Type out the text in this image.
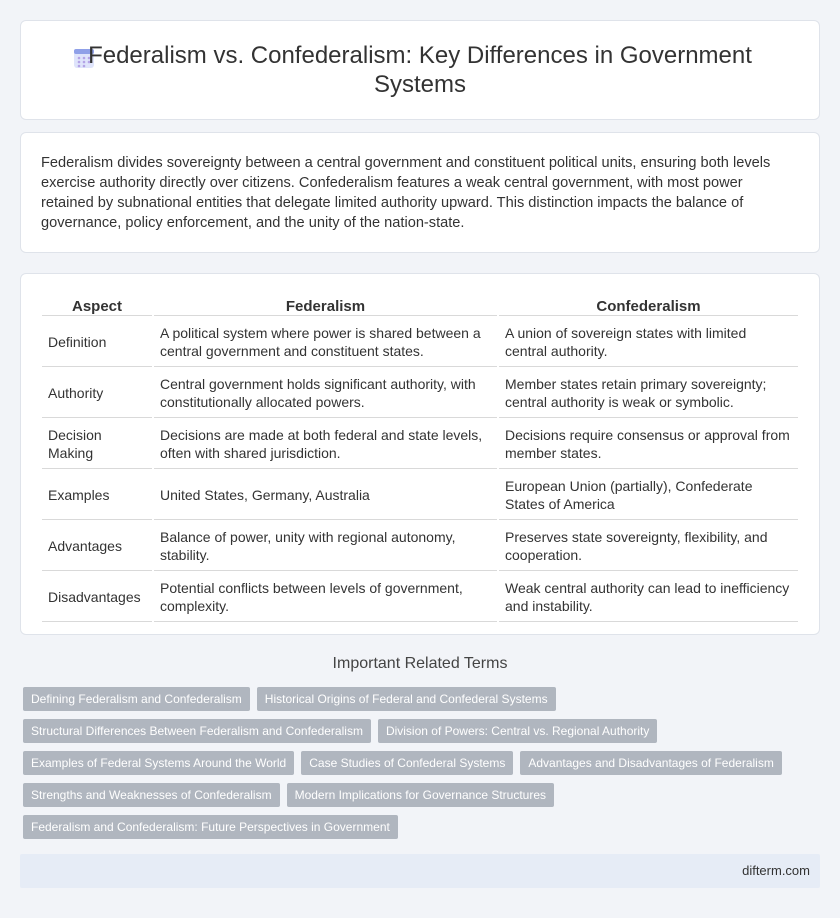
Federalism vs. Confederalism: Key Differences in Government Systems

Federalism divides sovereignty between a central government and constituent political units, ensuring both levels exercise authority directly over citizens. Confederalism features a weak central government, with most power retained by subnational entities that delegate limited authority upward. This distinction impacts the balance of governance, policy enforcement, and the unity of the nation-state.

Aspect	Federalism	Confederalism
Definition	A political system where power is shared between a central government and constituent states.	A union of sovereign states with limited central authority.
Authority	Central government holds significant authority, with constitutionally allocated powers.	Member states retain primary sovereignty; central authority is weak or symbolic.
Decision Making	Decisions are made at both federal and state levels, often with shared jurisdiction.	Decisions require consensus or approval from member states.
Examples	United States, Germany, Australia	European Union (partially), Confederate States of America
Advantages	Balance of power, unity with regional autonomy, stability.	Preserves state sovereignty, flexibility, and cooperation.
Disadvantages	Potential conflicts between levels of government, complexity.	Weak central authority can lead to inefficiency and instability.
Important Related Terms
Defining Federalism and Confederalism	Historical Origins of Federal and Confederal Systems
Structural Differences Between Federalism and Confederalism	Division of Powers: Central vs. Regional Authority
Examples of Federal Systems Around the World	Case Studies of Confederal Systems	Advantages and Disadvantages of Federalism
Strengths and Weaknesses of Confederalism	Modern Implications for Governance Structures
Federalism and Confederalism: Future Perspectives in Government
difterm.com
